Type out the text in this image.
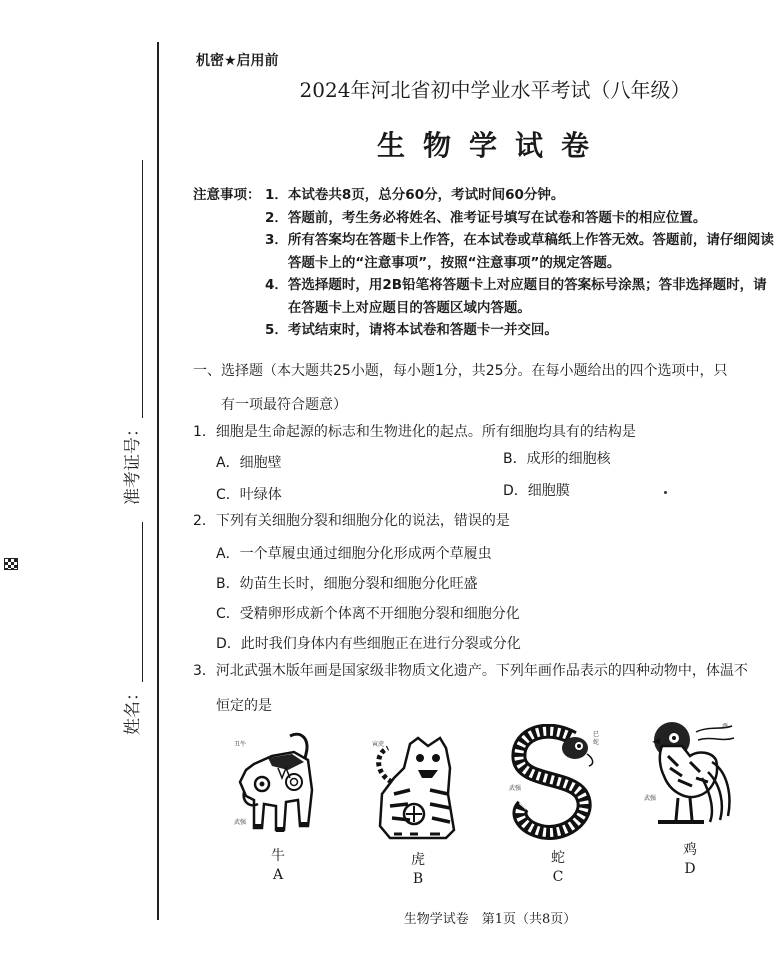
准考证号：
姓名：
机密★启用前
2024年河北省初中学业水平考试（八年级）
生物学试卷
注意事项： 1． 本试卷共8页，总分60分，考试时间60分钟。
2． 答题前，考生务必将姓名、准考证号填写在试卷和答题卡的相应位置。
3． 所有答案均在答题卡上作答，在本试卷或草稿纸上作答无效。答题前，请仔细阅读答题卡上的“注意事项”，按照“注意事项”的规定答题。
4． 答选择题时，用2B铅笔将答题卡上对应题目的答案标号涂黑；答非选择题时，请在答题卡上对应题目的答题区域内答题。
5． 考试结束时，请将本试卷和答题卡一并交回。
一、选择题（本大题共25小题，每小题1分，共25分。在每小题给出的四个选项中，只
有一项最符合题意）
1．细胞是生命起源的标志和生物进化的起点。所有细胞均具有的结构是
A．细胞壁	B．成形的细胞核
C．叶绿体	D．细胞膜
2．下列有关细胞分裂和细胞分化的说法，错误的是
A．一个草履虫通过细胞分化形成两个草履虫
B．幼苗生长时，细胞分裂和细胞分化旺盛
C．受精卵形成新个体离不开细胞分裂和细胞分化
D．此时我们身体内有些细胞正在进行分裂或分化
3．河北武强木版年画是国家级非物质文化遗产。下列年画作品表示的四种动物中，体温不
恒定的是
丑牛
武强
牛
A
寅虎
虎
B
巳
蛇
武强
蛇
C
酉
武强
鸡
D
生物学试卷　第1页（共8页）
